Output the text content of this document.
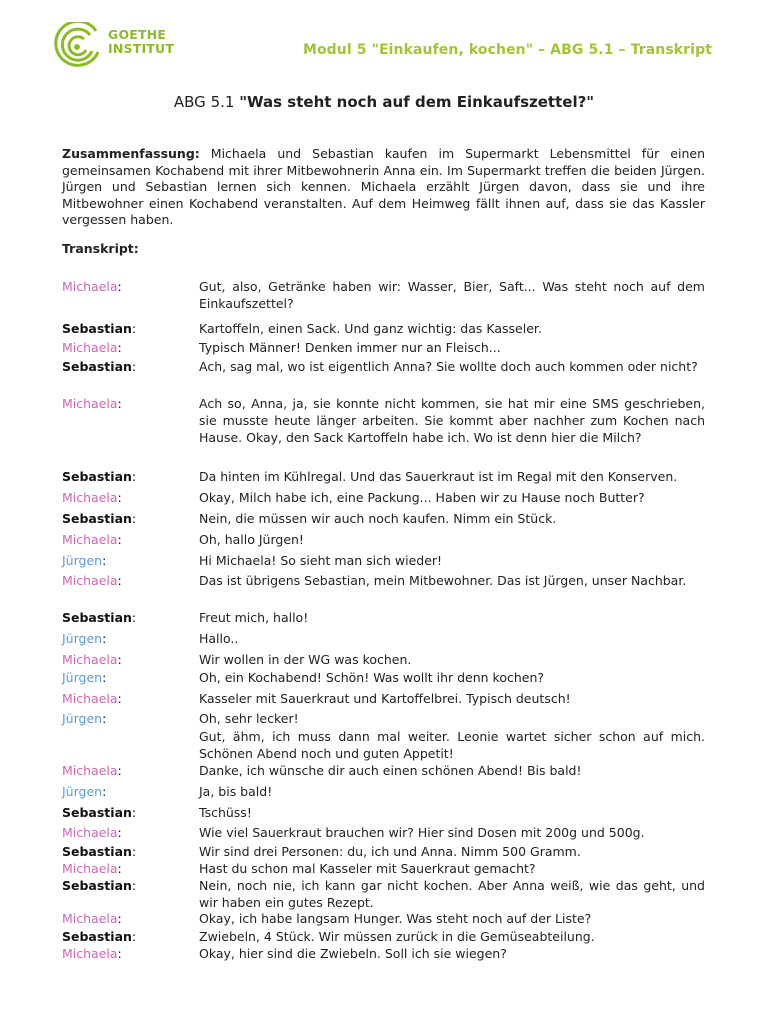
GOETHE
INSTITUT	Modul 5 "Einkaufen, kochen" – ABG 5.1 – Transkript
ABG 5.1 "Was steht noch auf dem Einkaufszettel?"
Zusammenfassung: Michaela und Sebastian kaufen im Supermarkt Lebensmittel für einen gemeinsamen Kochabend mit ihrer Mitbewohnerin Anna ein. Im Supermarkt treffen die beiden Jürgen. Jürgen und Sebastian lernen sich kennen. Michaela erzählt Jürgen davon, dass sie und ihre Mitbewohner einen Kochabend veranstalten. Auf dem Heimweg fällt ihnen auf, dass sie das Kassler vergessen haben.
Transkript:
Michaela:	Gut, also, Getränke haben wir: Wasser, Bier, Saft... Was steht noch auf dem Einkaufszettel?
Sebastian:	Kartoffeln, einen Sack. Und ganz wichtig: das Kasseler.
Michaela:	Typisch Männer! Denken immer nur an Fleisch...
Sebastian:	Ach, sag mal, wo ist eigentlich Anna? Sie wollte doch auch kommen oder nicht?
Michaela:	Ach so, Anna, ja, sie konnte nicht kommen, sie hat mir eine SMS geschrieben, sie musste heute länger arbeiten. Sie kommt aber nachher zum Kochen nach Hause. Okay, den Sack Kartoffeln habe ich. Wo ist denn hier die Milch?
Sebastian:	Da hinten im Kühlregal. Und das Sauerkraut ist im Regal mit den Konserven.
Michaela:	Okay, Milch habe ich, eine Packung... Haben wir zu Hause noch Butter?
Sebastian:	Nein, die müssen wir auch noch kaufen. Nimm ein Stück.
Michaela:	Oh, hallo Jürgen!
Jürgen:	Hi Michaela! So sieht man sich wieder!
Michaela:	Das ist übrigens Sebastian, mein Mitbewohner. Das ist Jürgen, unser Nachbar.
Sebastian:	Freut mich, hallo!
Jürgen:	Hallo..
Michaela:	Wir wollen in der WG was kochen.
Jürgen:	Oh, ein Kochabend! Schön! Was wollt ihr denn kochen?
Michaela:	Kasseler mit Sauerkraut und Kartoffelbrei. Typisch deutsch!
Jürgen:	Oh, sehr lecker!
Gut, ähm, ich muss dann mal weiter. Leonie wartet sicher schon auf mich. Schönen Abend noch und guten Appetit!
Michaela:	Danke, ich wünsche dir auch einen schönen Abend! Bis bald!
Jürgen:	Ja, bis bald!
Sebastian:	Tschüss!
Michaela:	Wie viel Sauerkraut brauchen wir? Hier sind Dosen mit 200g und 500g.
Sebastian:	Wir sind drei Personen: du, ich und Anna. Nimm 500 Gramm.
Michaela:	Hast du schon mal Kasseler mit Sauerkraut gemacht?
Sebastian:	Nein, noch nie, ich kann gar nicht kochen. Aber Anna weiß, wie das geht, und wir haben ein gutes Rezept.
Michaela:	Okay, ich habe langsam Hunger. Was steht noch auf der Liste?
Sebastian:	Zwiebeln, 4 Stück. Wir müssen zurück in die Gemüseabteilung.
Michaela:	Okay, hier sind die Zwiebeln. Soll ich sie wiegen?
